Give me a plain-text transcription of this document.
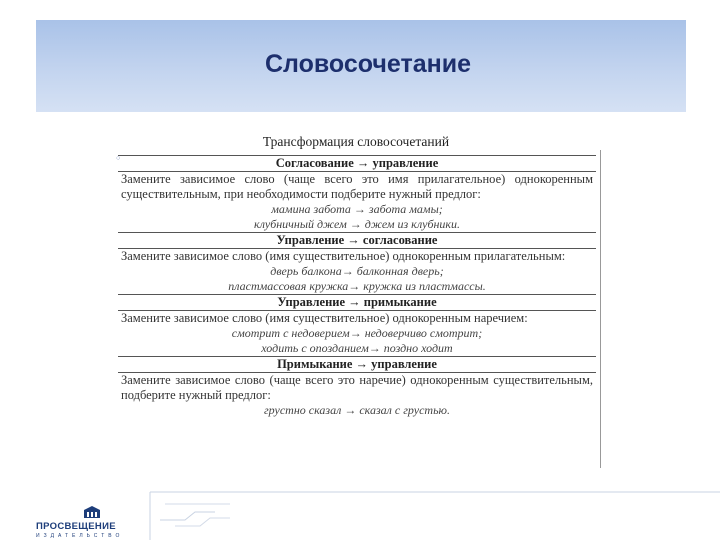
Словосочетание
Трансформация словосочетаний
Согласование → управление
Замените зависимое слово (чаще всего это имя прилагательное) однокоренным существительным, при необходимости подберите нужный предлог:
мамина забота → забота мамы;
клубничный джем → джем из клубники.
Управление → согласование
Замените зависимое слово (имя существительное) однокоренным прилагательным:
дверь балкона→ балконная дверь;
пластмассовая кружка→ кружка из пластмассы.
Управление → примыкание
Замените зависимое слово (имя существительное) однокоренным наречием:
смотрит с недоверием→ недоверчиво смотрит;
ходить с опозданием→ поздно ходит
Примыкание → управление
Замените зависимое слово (чаще всего это наречие) однокоренным существительным, подберите нужный предлог:
грустно сказал → сказал с грустью.
○
ПРОСВЕЩЕНИЕ
ИЗДАТЕЛЬСТВО
